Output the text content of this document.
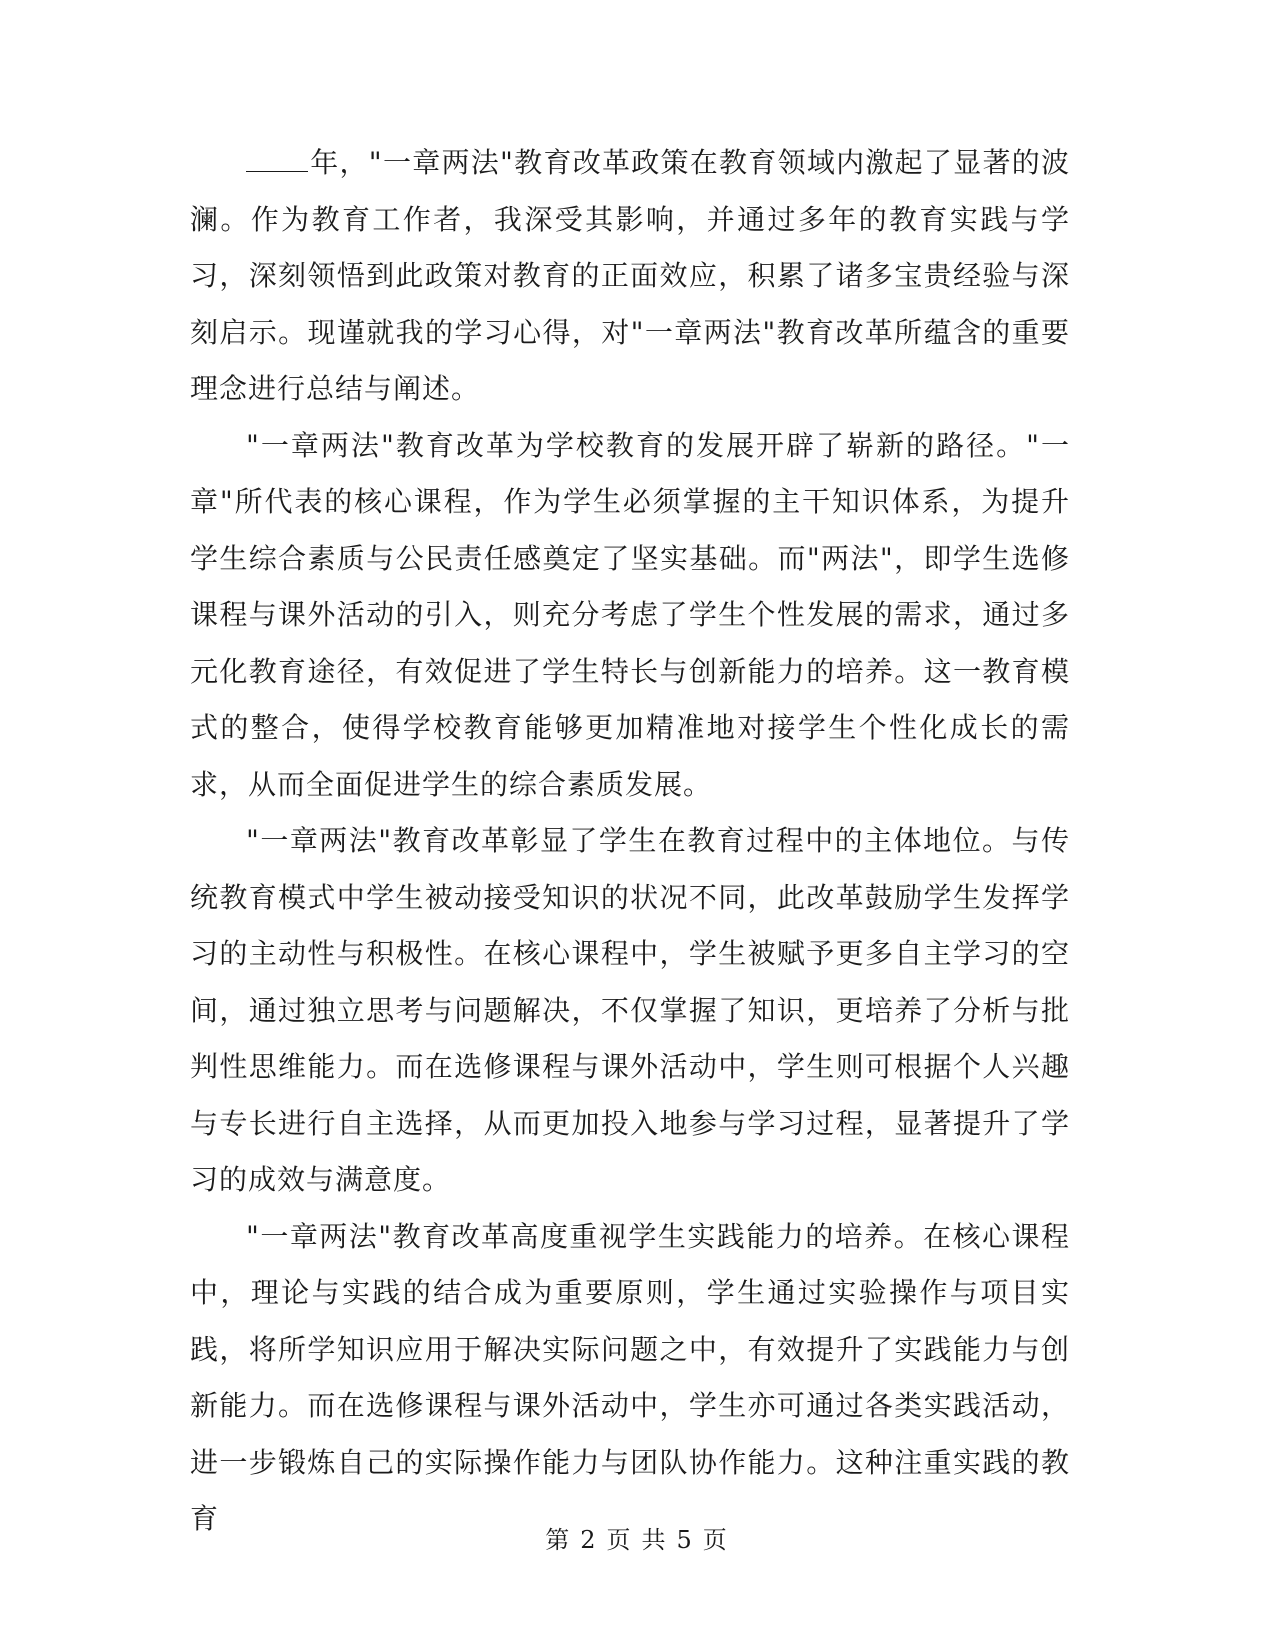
年，"一章两法"教育改革政策在教育领域内激起了显著的波澜。作为教育工作者，我深受其影响，并通过多年的教育实践与学习，深刻领悟到此政策对教育的正面效应，积累了诸多宝贵经验与深刻启示。现谨就我的学习心得，对"一章两法"教育改革所蕴含的重要理念进行总结与阐述。

"一章两法"教育改革为学校教育的发展开辟了崭新的路径。"一章"所代表的核心课程，作为学生必须掌握的主干知识体系，为提升学生综合素质与公民责任感奠定了坚实基础。而"两法"，即学生选修课程与课外活动的引入，则充分考虑了学生个性发展的需求，通过多元化教育途径，有效促进了学生特长与创新能力的培养。这一教育模式的整合，使得学校教育能够更加精准地对接学生个性化成长的需求，从而全面促进学生的综合素质发展。

"一章两法"教育改革彰显了学生在教育过程中的主体地位。与传统教育模式中学生被动接受知识的状况不同，此改革鼓励学生发挥学习的主动性与积极性。在核心课程中，学生被赋予更多自主学习的空间，通过独立思考与问题解决，不仅掌握了知识，更培养了分析与批判性思维能力。而在选修课程与课外活动中，学生则可根据个人兴趣与专长进行自主选择，从而更加投入地参与学习过程，显著提升了学习的成效与满意度。

"一章两法"教育改革高度重视学生实践能力的培养。在核心课程中，理论与实践的结合成为重要原则，学生通过实验操作与项目实践，将所学知识应用于解决实际问题之中，有效提升了实践能力与创新能力。而在选修课程与课外活动中，学生亦可通过各类实践活动，进一步锻炼自己的实际操作能力与团队协作能力。这种注重实践的教育

第 2 页 共 5 页
